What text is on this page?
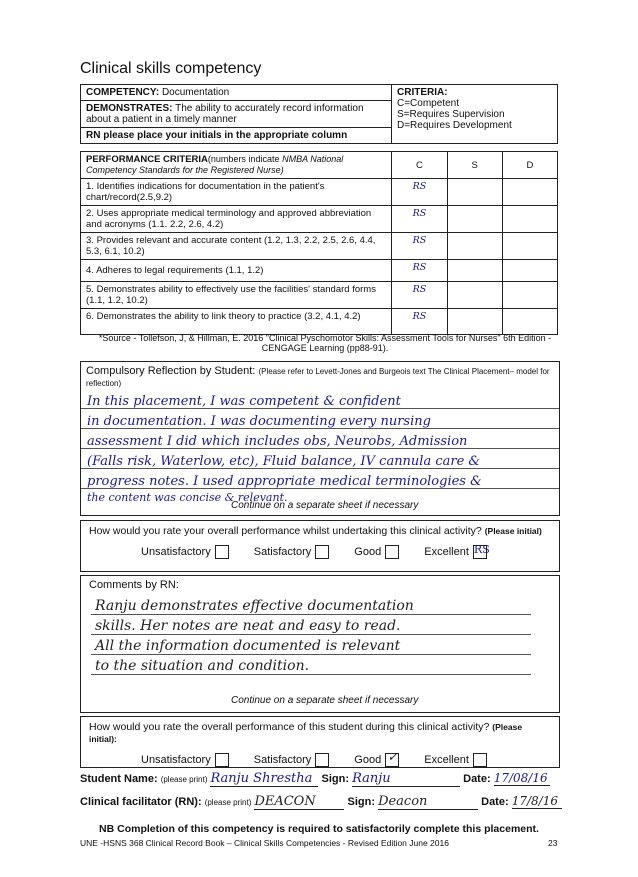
Clinical skills competency
COMPETENCY: Documentation	CRITERIA:
C=Competent
S=Requires Supervision
D=Requires Development
DEMONSTRATES: The ability to accurately record information about a patient in a timely manner
RN please place your initials in the appropriate column
PERFORMANCE CRITERIA(numbers indicate NMBA National Competency Standards for the Registered Nurse)	C	S	D
1. Identifies indications for documentation in the patient's chart/record(2.5,9.2)	RS		
2. Uses appropriate medical terminology and approved abbreviation and acronyms (1.1. 2.2, 2.6, 4.2)	RS		
3. Provides relevant and accurate content (1.2, 1.3, 2.2, 2.5, 2.6, 4.4, 5.3, 6.1, 10.2)	RS		
4. Adheres to legal requirements (1.1, 1.2)	RS		
5. Demonstrates ability to effectively use the facilities' standard forms (1.1, 1.2, 10.2)	RS		
6. Demonstrates the ability to link theory to practice (3.2, 4.1, 4.2)	RS		
*Source - Tollefson, J, & Hillman, E. 2016 "Clinical Pyschomotor Skills: Assessment Tools for Nurses" 6th Edition - CENGAGE Learning (pp88-91).
Compulsory Reflection by Student: (Please refer to Levett-Jones and Burgeois text The Clinical Placement– model for reflection)
In this placement, I was competent & confident
in documentation. I was documenting every nursing
assessment I did which includes obs, Neurobs, Admission
(Falls risk, Waterlow, etc), Fluid balance, IV cannula care &
progress notes. I used appropriate medical terminologies &
the content was concise & relevant.
Continue on a separate sheet if necessary
How would you rate your overall performance whilst undertaking this clinical activity? (Please initial)
Unsatisfactory	Satisfactory	Good	Excellent RS
Comments by RN:
Ranju demonstrates effective documentation
skills. Her notes are neat and easy to read.
All the information documented is relevant
to the situation and condition.
Continue on a separate sheet if necessary
How would you rate the overall performance of this student during this clinical activity? (Please initial):
Unsatisfactory	Satisfactory	Good ✓ Excellent
Student Name: (please print) Ranju Shrestha Sign: Ranju	Date: 17/08/16
Clinical facilitator (RN): (please print) DEACON	Sign: Deacon	Date: 17/8/16
NB Completion of this competency is required to satisfactorily complete this placement.
UNE -HSNS 368 Clinical Record Book – Clinical Skills Competencies - Revised Edition June 2016	23
